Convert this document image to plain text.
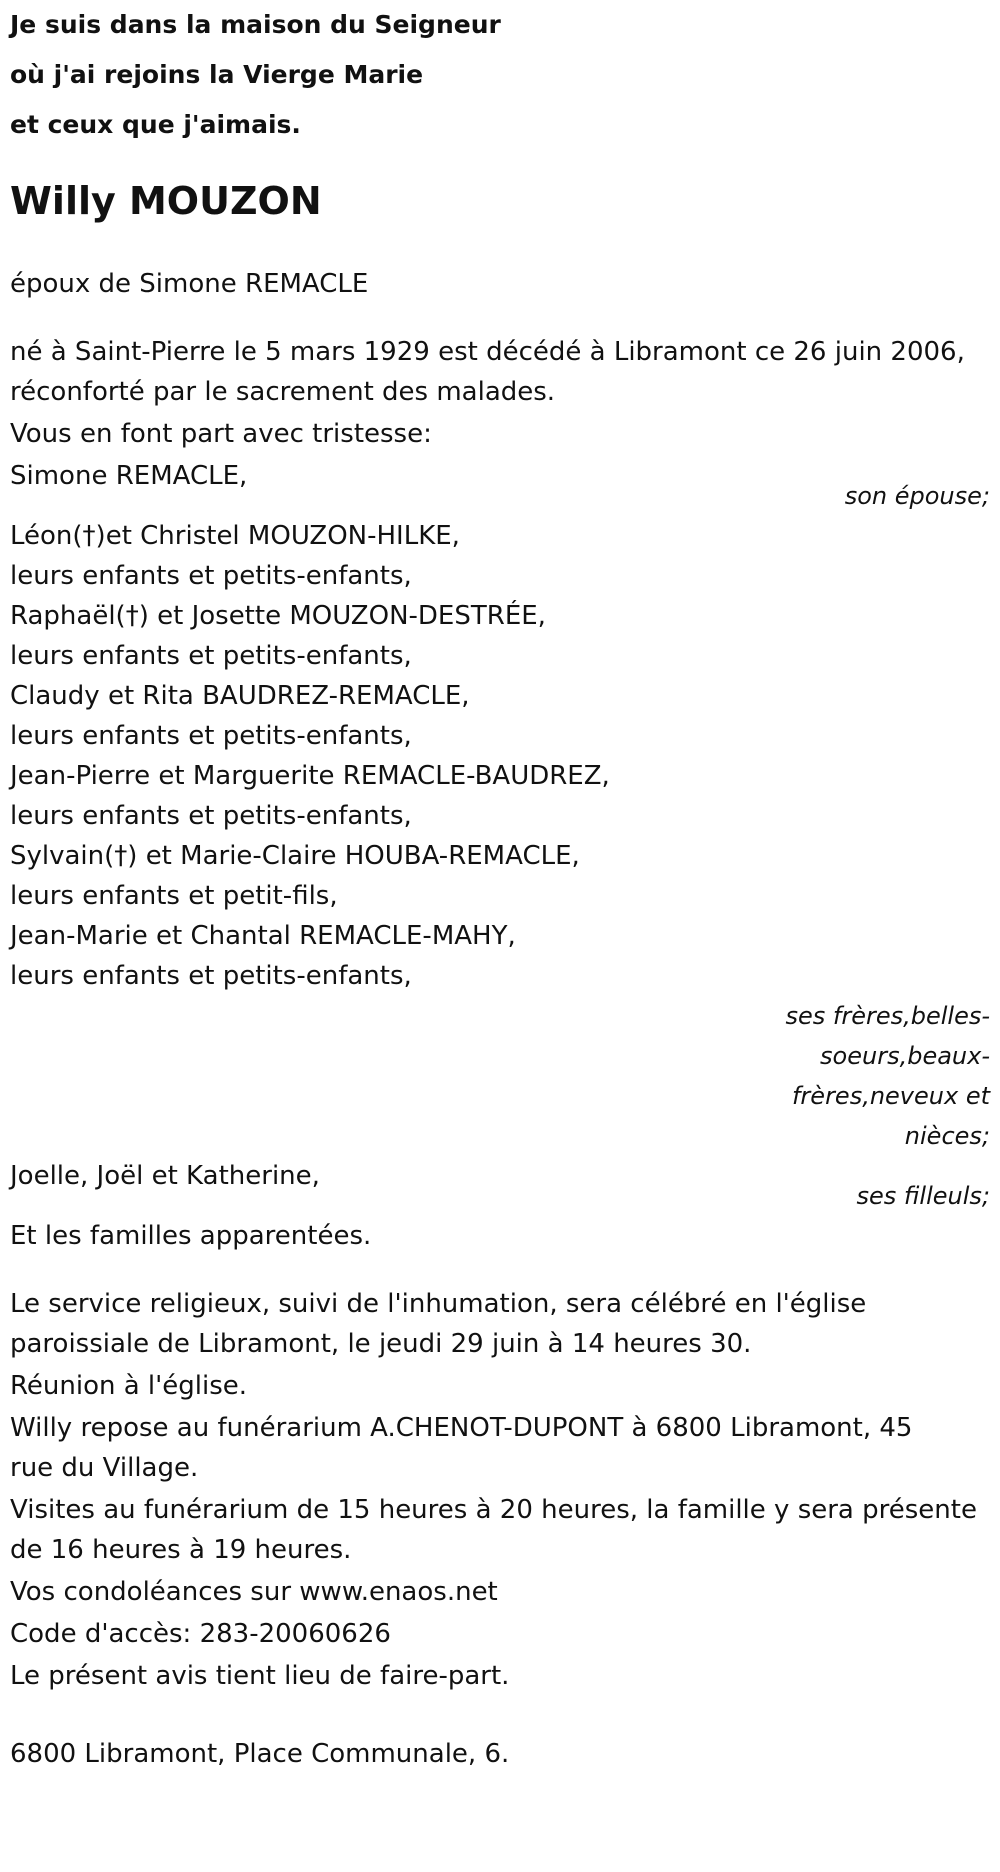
Je suis dans la maison du Seigneur
où j'ai rejoins la Vierge Marie
et ceux que j'aimais.
Willy MOUZON

époux de Simone REMACLE

né à Saint-Pierre le 5 mars 1929 est décédé à Libramont ce 26 juin 2006,

réconforté par le sacrement des malades.

Vous en font part avec tristesse:

Simone REMACLE,

son épouse;

Léon(†)et Christel MOUZON-HILKE,
leurs enfants et petits-enfants,
Raphaël(†) et Josette MOUZON-DESTRÉE,
leurs enfants et petits-enfants,
Claudy et Rita BAUDREZ-REMACLE,
leurs enfants et petits-enfants,
Jean-Pierre et Marguerite REMACLE-BAUDREZ,
leurs enfants et petits-enfants,
Sylvain(†) et Marie-Claire HOUBA-REMACLE,
leurs enfants et petit-fils,
Jean-Marie et Chantal REMACLE-MAHY,
leurs enfants et petits-enfants,
ses frères,belles-
soeurs,beaux-
frères,neveux et
nièces;

Joelle, Joël et Katherine,

ses filleuls;

Et les familles apparentées.

Le service religieux, suivi de l'inhumation, sera célébré en l'église

paroissiale de Libramont, le jeudi 29 juin à 14 heures 30.

Réunion à l'église.

Willy repose au funérarium A.CHENOT-DUPONT à 6800 Libramont, 45

rue du Village.

Visites au funérarium de 15 heures à 20 heures, la famille y sera présente

de 16 heures à 19 heures.

Vos condoléances sur www.enaos.net

Code d'accès: 283-20060626

Le présent avis tient lieu de faire-part.

6800 Libramont, Place Communale, 6.
